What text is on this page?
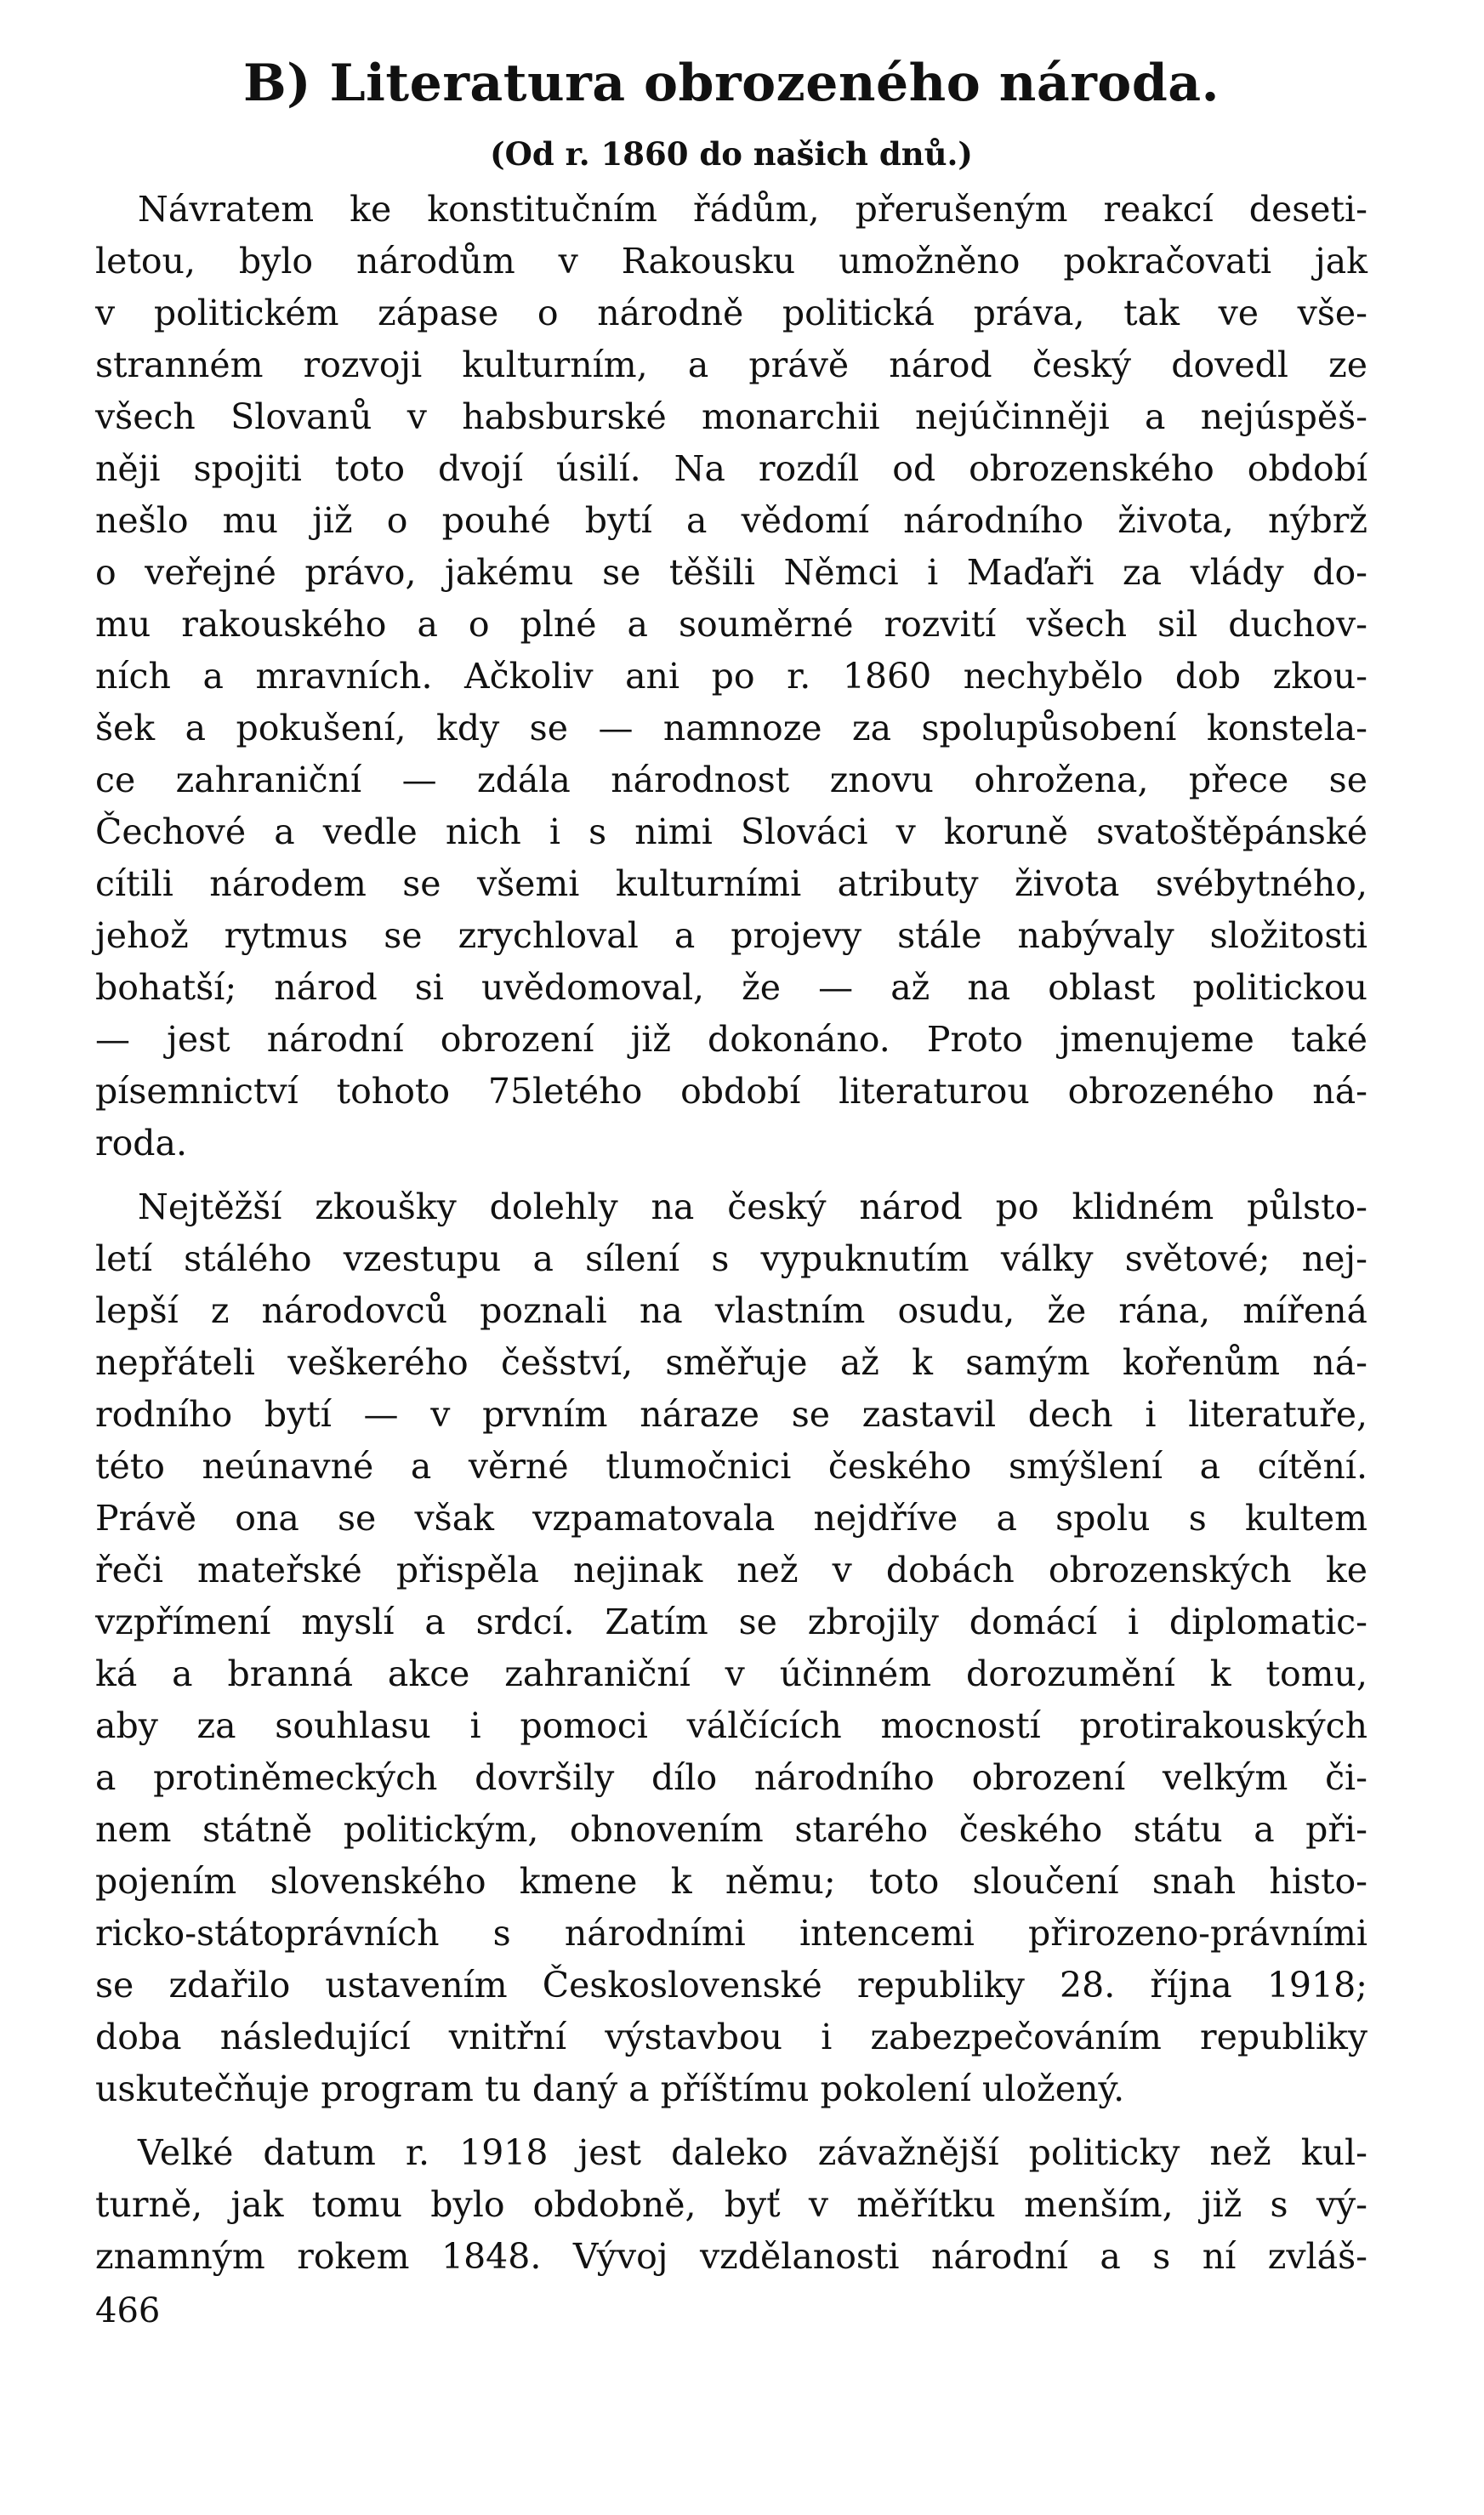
B) Literatura obrozeného národa.
(Od r. 1860 do našich dnů.)
Návratem ke konstitučním řádům, přerušeným reakcí deseti-
letou, bylo národům v Rakousku umožněno pokračovati jak
v politickém zápase o národně politická práva, tak ve vše-
stranném rozvoji kulturním, a právě národ český dovedl ze
všech Slovanů v habsburské monarchii nejúčinněji a nejúspěš-
něji spojiti toto dvojí úsilí. Na rozdíl od obrozenského období
nešlo mu již o pouhé bytí a vědomí národního života, nýbrž
o veřejné právo, jakému se těšili Němci i Maďaři za vlády do-
mu rakouského a o plné a souměrné rozvití všech sil duchov-
ních a mravních. Ačkoliv ani po r. 1860 nechybělo dob zkou-
šek a pokušení, kdy se — namnoze za spolupůsobení konstela-
ce zahraniční — zdála národnost znovu ohrožena, přece se
Čechové a vedle nich i s nimi Slováci v koruně svatoštěpánské
cítili národem se všemi kulturními atributy života svébytného,
jehož rytmus se zrychloval a projevy stále nabývaly složitosti
bohatší; národ si uvědomoval, že — až na oblast politickou
— jest národní obrození již dokonáno. Proto jmenujeme také
písemnictví tohoto 75letého období literaturou obrozeného ná-
roda.
Nejtěžší zkoušky dolehly na český národ po klidném půlsto-
letí stálého vzestupu a sílení s vypuknutím války světové; nej-
lepší z národovců poznali na vlastním osudu, že rána, mířená
nepřáteli veškerého češství, směřuje až k samým kořenům ná-
rodního bytí — v prvním náraze se zastavil dech i literatuře,
této neúnavné a věrné tlumočnici českého smýšlení a cítění.
Právě ona se však vzpamatovala nejdříve a spolu s kultem
řeči mateřské přispěla nejinak než v dobách obrozenských ke
vzpřímení myslí a srdcí. Zatím se zbrojily domácí i diplomatic-
ká a branná akce zahraniční v účinném dorozumění k tomu,
aby za souhlasu i pomoci válčících mocností protirakouských
a protiněmeckých dovršily dílo národního obrození velkým či-
nem státně politickým, obnovením starého českého státu a při-
pojením slovenského kmene k němu; toto sloučení snah histo-
ricko-státoprávních s národními intencemi přirozeno-právními
se zdařilo ustavením Československé republiky 28. října 1918;
doba následující vnitřní výstavbou i zabezpečováním republiky
uskutečňuje program tu daný a příštímu pokolení uložený.
Velké datum r. 1918 jest daleko závažnější politicky než kul-
turně, jak tomu bylo obdobně, byť v měřítku menším, již s vý-
znamným rokem 1848. Vývoj vzdělanosti národní a s ní zvláš-
466
